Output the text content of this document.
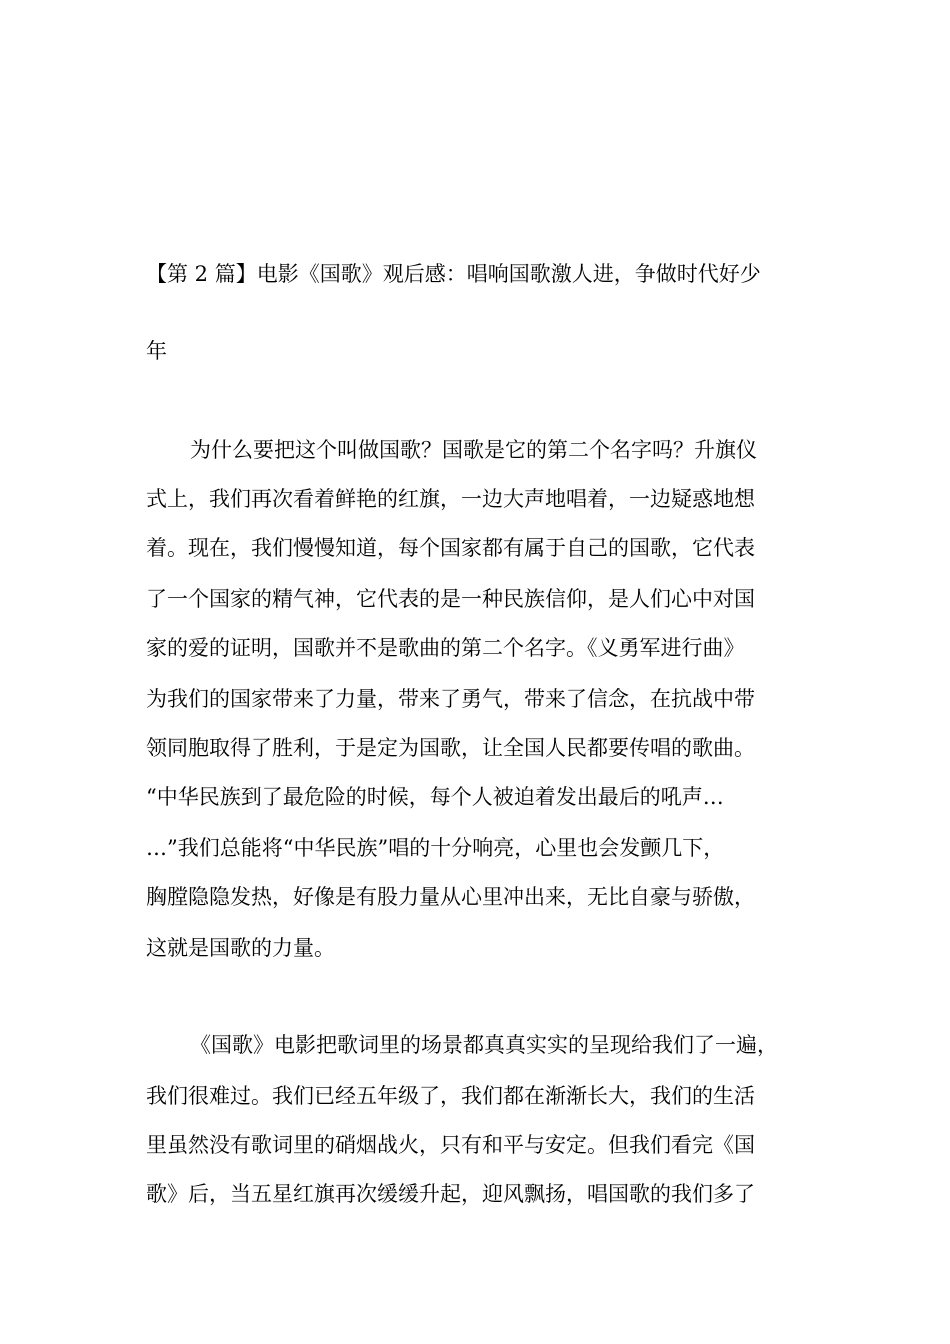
【第 2 篇】电影《国歌》观后感：唱响国歌激人进，争做时代好少
年
为什么要把这个叫做国歌？国歌是它的第二个名字吗？升旗仪
式上，我们再次看着鲜艳的红旗，一边大声地唱着，一边疑惑地想
着。现在，我们慢慢知道，每个国家都有属于自己的国歌，它代表
了一个国家的精气神，它代表的是一种民族信仰，是人们心中对国
家的爱的证明，国歌并不是歌曲的第二个名字。《义勇军进行曲》
为我们的国家带来了力量，带来了勇气，带来了信念，在抗战中带
领同胞取得了胜利，于是定为国歌，让全国人民都要传唱的歌曲。
“中华民族到了最危险的时候，每个人被迫着发出最后的吼声…
…”我们总能将“中华民族”唱的十分响亮，心里也会发颤几下，
胸膛隐隐发热，好像是有股力量从心里冲出来，无比自豪与骄傲，
这就是国歌的力量。
《国歌》电影把歌词里的场景都真真实实的呈现给我们了一遍，
我们很难过。我们已经五年级了，我们都在渐渐长大，我们的生活
里虽然没有歌词里的硝烟战火，只有和平与安定。但我们看完《国
歌》后，当五星红旗再次缓缓升起，迎风飘扬，唱国歌的我们多了
